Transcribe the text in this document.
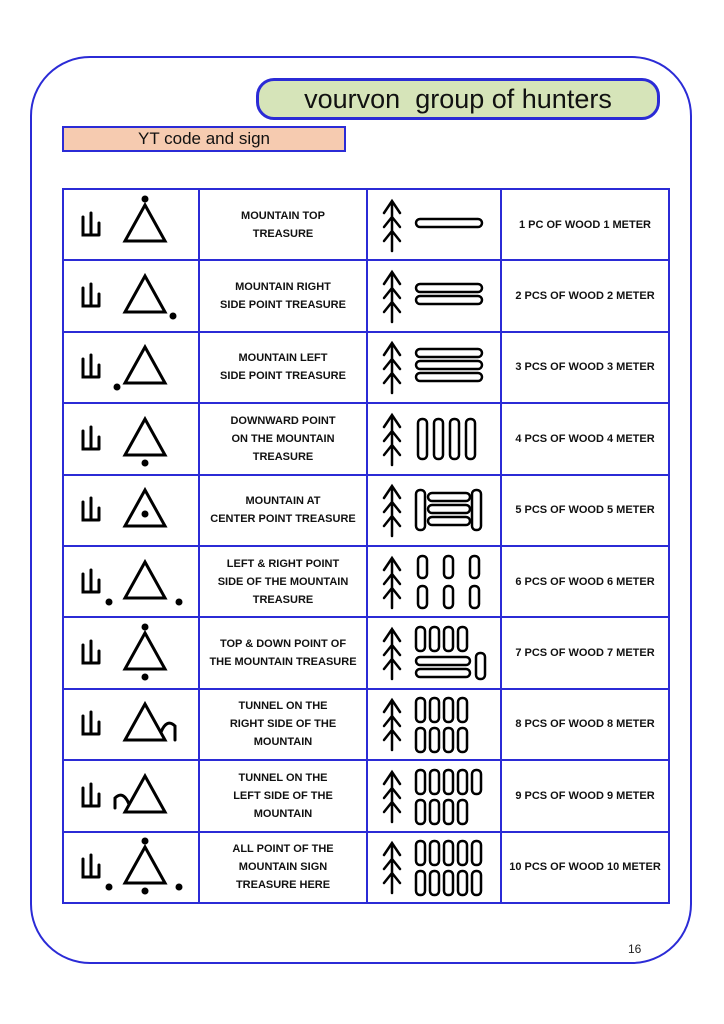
vourvon  group of hunters
YT code and sign

MOUNTAIN TOP
TREASURE		1 PC OF WOOD 1 METER

MOUNTAIN RIGHT
SIDE POINT TREASURE		2 PCS OF WOOD 2 METER

MOUNTAIN LEFT
SIDE POINT TREASURE		3 PCS OF WOOD 3 METER

DOWNWARD POINT
ON THE MOUNTAIN
TREASURE		4 PCS OF WOOD 4 METER

MOUNTAIN AT
CENTER POINT TREASURE		5 PCS OF WOOD 5 METER

LEFT & RIGHT POINT
SIDE OF THE MOUNTAIN
TREASURE		6 PCS OF WOOD 6 METER

TOP & DOWN POINT OF
THE MOUNTAIN TREASURE		7 PCS OF WOOD 7 METER

TUNNEL ON THE
RIGHT SIDE OF THE
MOUNTAIN		8 PCS OF WOOD 8 METER

TUNNEL ON THE
LEFT SIDE OF THE
MOUNTAIN		9 PCS OF WOOD 9 METER

ALL POINT OF THE
MOUNTAIN SIGN
TREASURE HERE		10 PCS OF WOOD 10 METER
16
